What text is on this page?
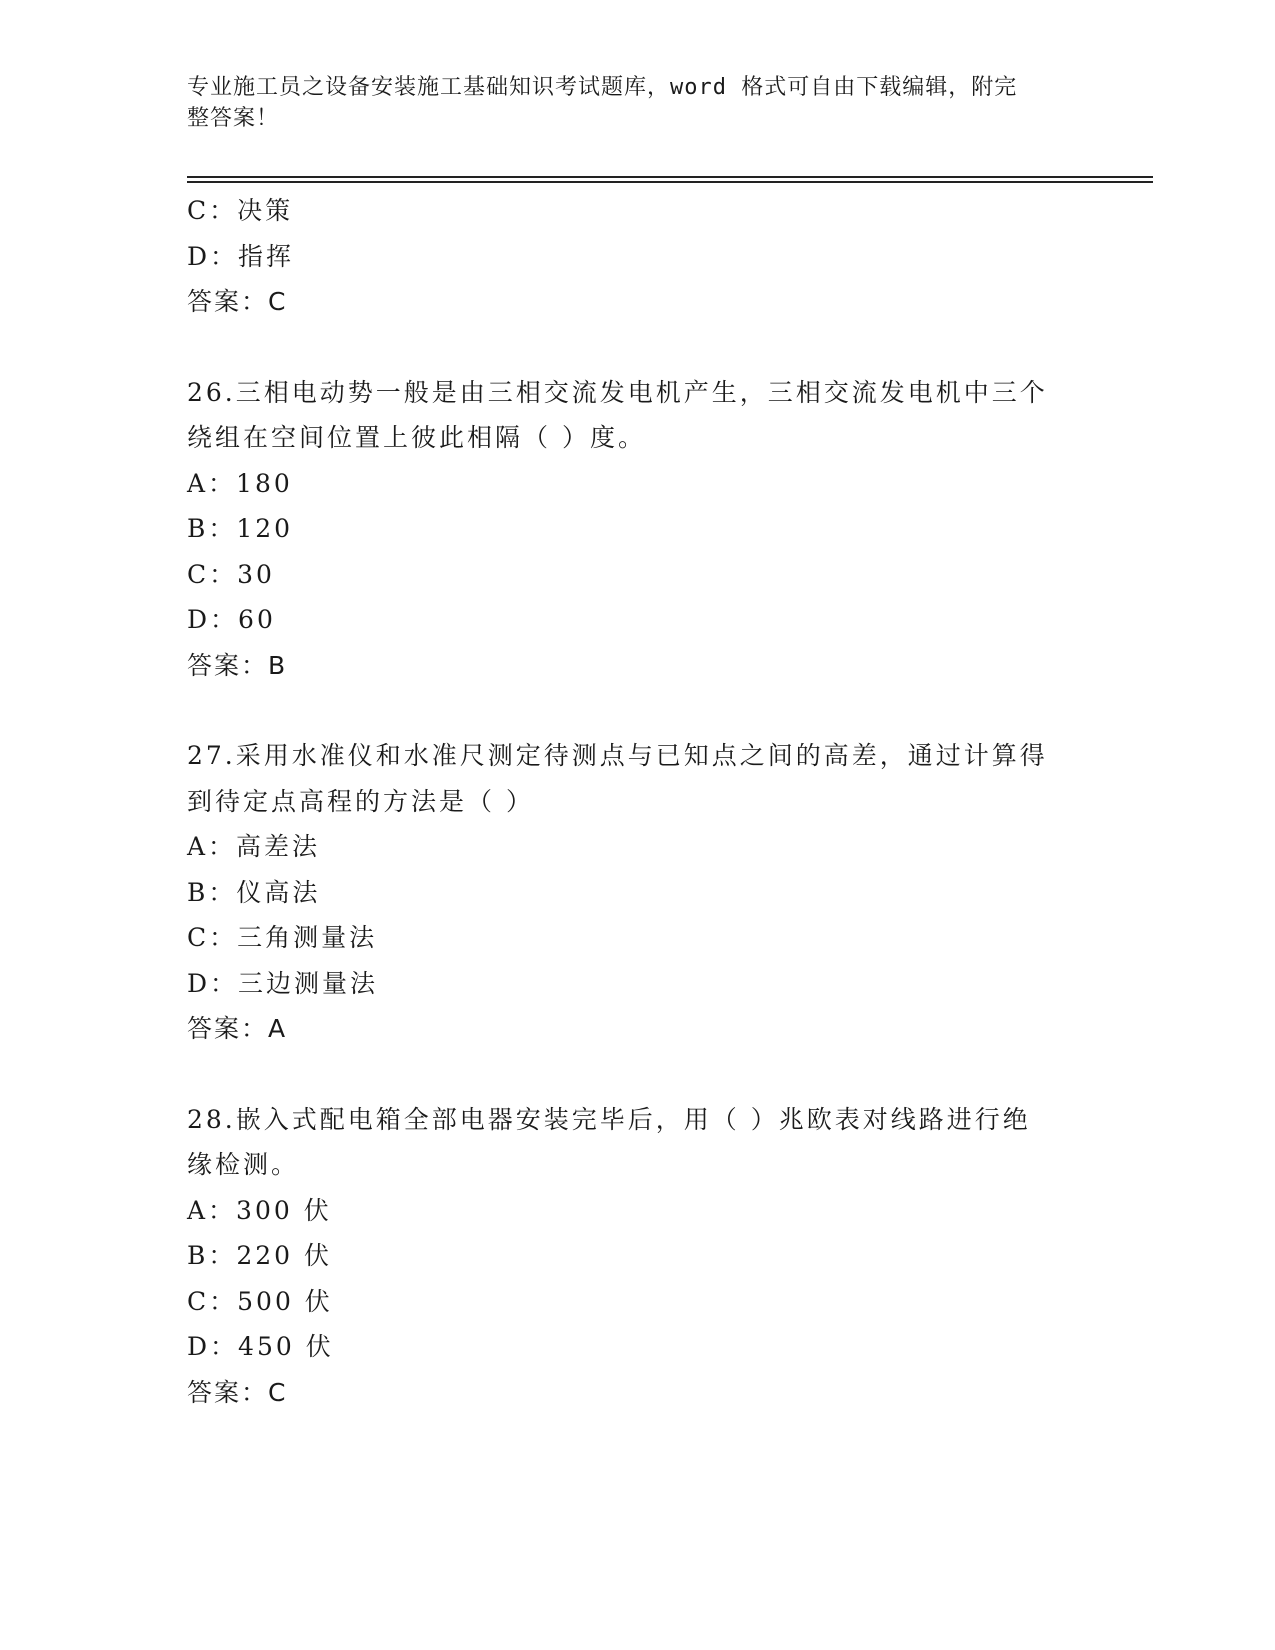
专业施工员之设备安装施工基础知识考试题库，word 格式可自由下载编辑，附完
整答案！
C：决策
D：指挥
答案：C
26.三相电动势一般是由三相交流发电机产生，三相交流发电机中三个
绕组在空间位置上彼此相隔（ ）度。
A：180
B：120
C：30
D：60
答案：B
27.采用水准仪和水准尺测定待测点与已知点之间的高差，通过计算得
到待定点高程的方法是（ ）
A：高差法
B：仪高法
C：三角测量法
D：三边测量法
答案：A
28.嵌入式配电箱全部电器安装完毕后，用（ ）兆欧表对线路进行绝
缘检测。
A：300 伏
B：220 伏
C：500 伏
D：450 伏
答案：C
